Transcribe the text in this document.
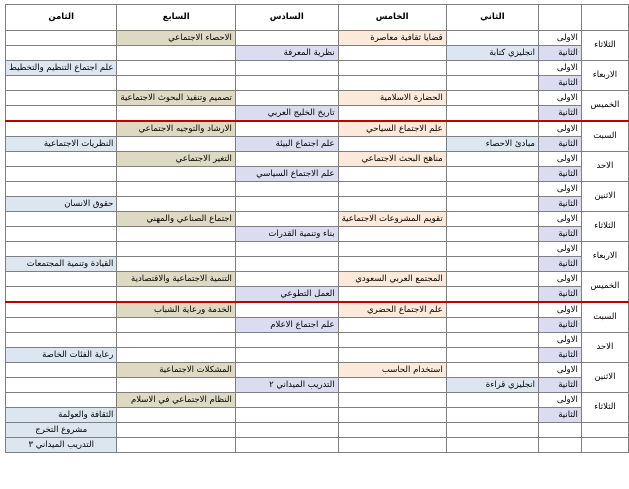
		الثاني	الخامس	السادس	السابع	الثامن
الثلاثاء	الاولى		قضايا ثقافية معاصرة		الاحصاء الاجتماعي	
	الثانية	انجليزي كتابة		نظرية المعرفة		
الاربعاء	الاولى					علم اجتماع التنظيم والتخطيط
	الثانية					
الخميس	الاولى		الحضارة الاسلامية		تصميم وتنفيذ البحوث الاجتماعية	
	الثانية			تاريخ الخليج العربي		
السبت	الاولى		علم الاجتماع السياحي		الارشاد والتوجيه الاجتماعي	
	الثانية	مبادئ الاحصاء		علم اجتماع البيئة		النظريات الاجتماعية
الاحد	الاولى		مناهج البحث الاجتماعي		التغير الاجتماعي	
	الثانية			علم الاجتماع السياسي		
الاثنين	الاولى					
	الثانية					حقوق الانسان
الثلاثاء	الاولى		تقويم المشروعات الاجتماعية		اجتماع الصناعي والمهني	
	الثانية			بناء وتنمية القدرات		
الاربعاء	الاولى					
	الثانية					القيادة وتنمية المجتمعات
الخميس	الاولى		المجتمع العربي السعودي		التنمية الاجتماعية والاقتصادية	
	الثانية			العمل التطوعي		
السبت	الاولى		علم الاجتماع الحضري		الخدمة ورعاية الشباب	
	الثانية			علم اجتماع الاعلام		
الاحد	الاولى					
	الثانية					رعاية الفئات الخاصة
الاثنين	الاولى		استخدام الحاسب		المشكلات الاجتماعية	
	الثانية	انجليزي قراءة		التدريب الميداني ٢		
الثلاثاء	الاولى				النظام الاجتماعي في الاسلام	
	الثانية					الثقافة والعولمة
						مشروع التخرج
						التدريب الميداني ٣
